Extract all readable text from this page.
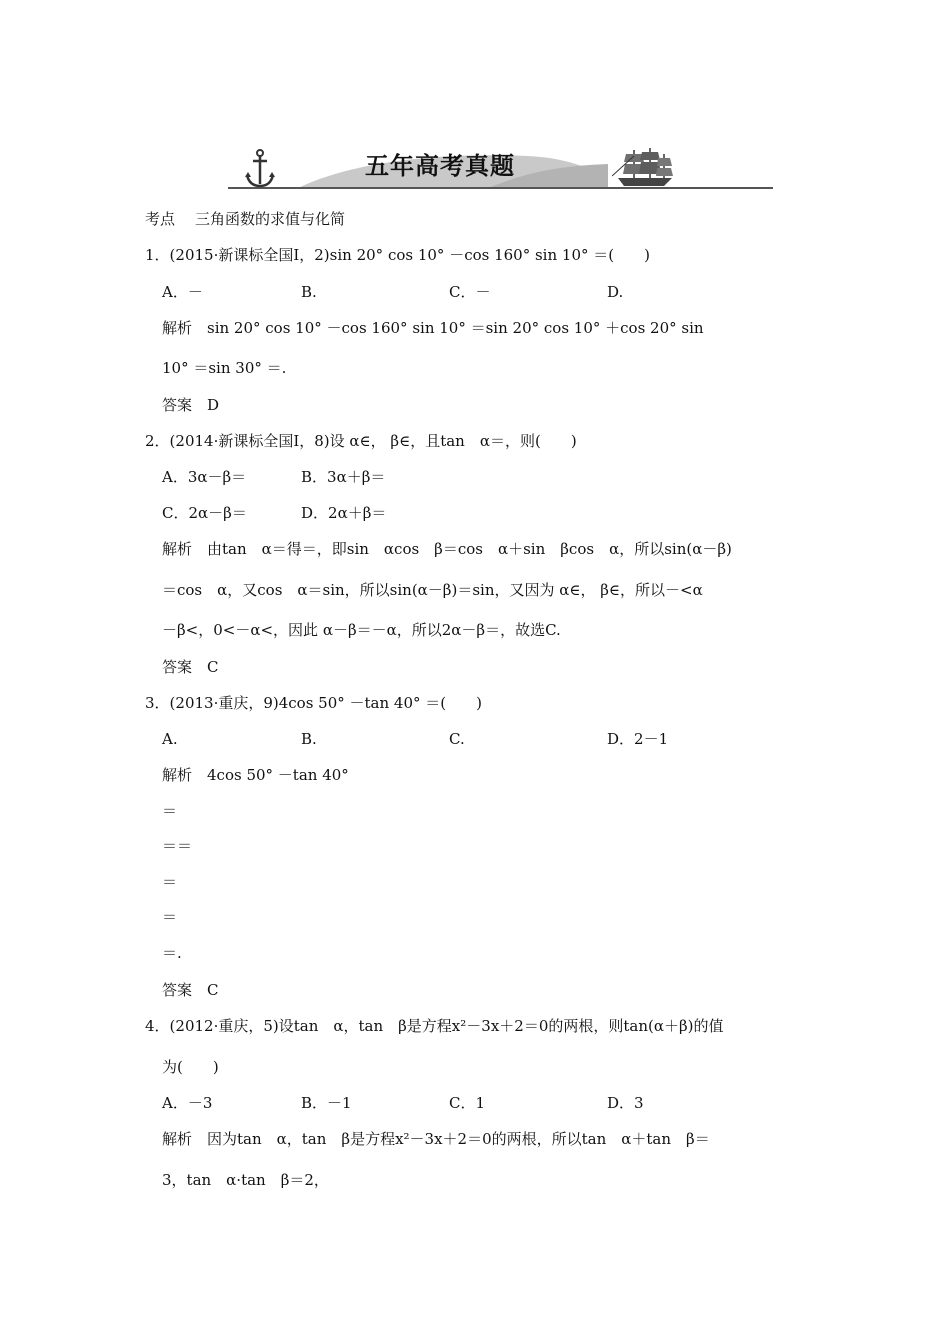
五年高考真题
考点 三角函数的求值与化简
1．(2015·新课标全国Ⅰ，2)sin 20° cos 10° －cos 160° sin 10° ＝(　　)
A．－	B.	C．－	D.
解析　sin 20° cos 10° －cos 160° sin 10° ＝sin 20° cos 10° ＋cos 20° sin
10° ＝sin 30° ＝.
答案　D
2．(2014·新课标全国Ⅰ，8)设 α∈， β∈，且tan　α＝，则(　　)
A．3α－β＝	B．3α＋β＝
C．2α－β＝	D．2α＋β＝
解析　由tan　α＝得＝，即sin　αcos　β＝cos　α＋sin　βcos　α，所以sin(α－β)
＝cos　α，又cos　α＝sin，所以sin(α－β)＝sin，又因为 α∈， β∈，所以－<α
－β<，0<－α<，因此 α－β＝－α，所以2α－β＝，故选C.
答案　C
3．(2013·重庆，9)4cos 50° －tan 40° ＝(　　)
A.	B.	C.	D．2－1
解析　4cos 50° －tan 40°
＝
＝＝
＝
＝
＝.
答案　C
4．(2012·重庆，5)设tan　α，tan　β是方程x²－3x＋2＝0的两根，则tan(α＋β)的值
为(　　)
A．－3	B．－1	C．1	D．3
解析　因为tan　α，tan　β是方程x²－3x＋2＝0的两根，所以tan　α＋tan　β＝
3，tan　α·tan　β＝2，
